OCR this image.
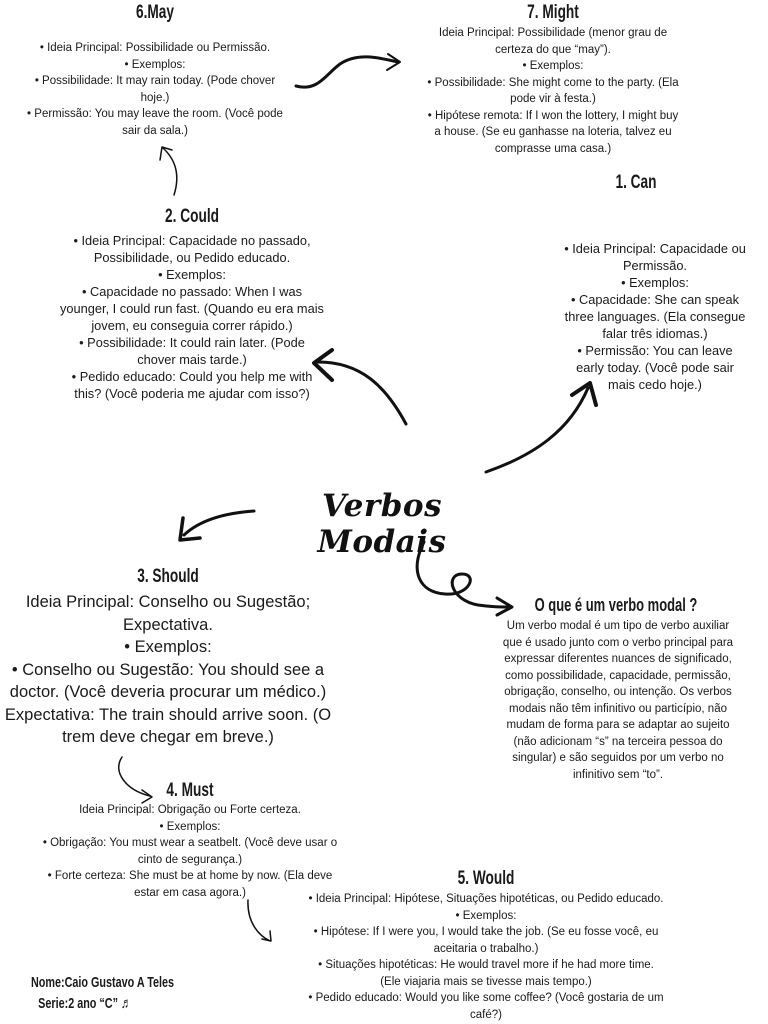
Verbos Modais
6.May
• Ideia Principal: Possibilidade ou Permissão.
• Exemplos:
• Possibilidade: It may rain today. (Pode chover
hoje.)
• Permissão: You may leave the room. (Você pode
sair da sala.)
7. Might
Ideia Principal: Possibilidade (menor grau de
certeza do que “may”).
• Exemplos:
• Possibilidade: She might come to the party. (Ela
pode vir à festa.)
• Hipótese remota: If I won the lottery, I might buy
a house. (Se eu ganhasse na loteria, talvez eu
comprasse uma casa.)
1. Can
• Ideia Principal: Capacidade ou
Permissão.
• Exemplos:
• Capacidade: She can speak
three languages. (Ela consegue
falar três idiomas.)
• Permissão: You can leave
early today. (Você pode sair
mais cedo hoje.)
2. Could
• Ideia Principal: Capacidade no passado,
Possibilidade, ou Pedido educado.
• Exemplos:
• Capacidade no passado: When I was
younger, I could run fast. (Quando eu era mais
jovem, eu conseguia correr rápido.)
• Possibilidade: It could rain later. (Pode
chover mais tarde.)
• Pedido educado: Could you help me with
this? (Você poderia me ajudar com isso?)
3. Should
Ideia Principal: Conselho ou Sugestão;
Expectativa.
• Exemplos:
• Conselho ou Sugestão: You should see a
doctor. (Você deveria procurar um médico.)
Expectativa: The train should arrive soon. (O
trem deve chegar em breve.)
O que é um verbo modal ?
Um verbo modal é um tipo de verbo auxiliar
que é usado junto com o verbo principal para
expressar diferentes nuances de significado,
como possibilidade, capacidade, permissão,
obrigação, conselho, ou intenção. Os verbos
modais não têm infinitivo ou particípio, não
mudam de forma para se adaptar ao sujeito
(não adicionam “s” na terceira pessoa do
singular) e são seguidos por um verbo no
infinitivo sem “to”.
4. Must
Ideia Principal: Obrigação ou Forte certeza.
• Exemplos:
• Obrigação: You must wear a seatbelt. (Você deve usar o
cinto de segurança.)
• Forte certeza: She must be at home by now. (Ela deve
estar em casa agora.)
5. Would
• Ideia Principal: Hipótese, Situações hipotéticas, ou Pedido educado.
• Exemplos:
• Hipótese: If I were you, I would take the job. (Se eu fosse você, eu
aceitaria o trabalho.)
• Situações hipotéticas: He would travel more if he had more time.
(Ele viajaria mais se tivesse mais tempo.)
• Pedido educado: Would you like some coffee? (Você gostaria de um
café?)
Nome:Caio Gustavo A Teles
Serie:2 ano “C” ♬
